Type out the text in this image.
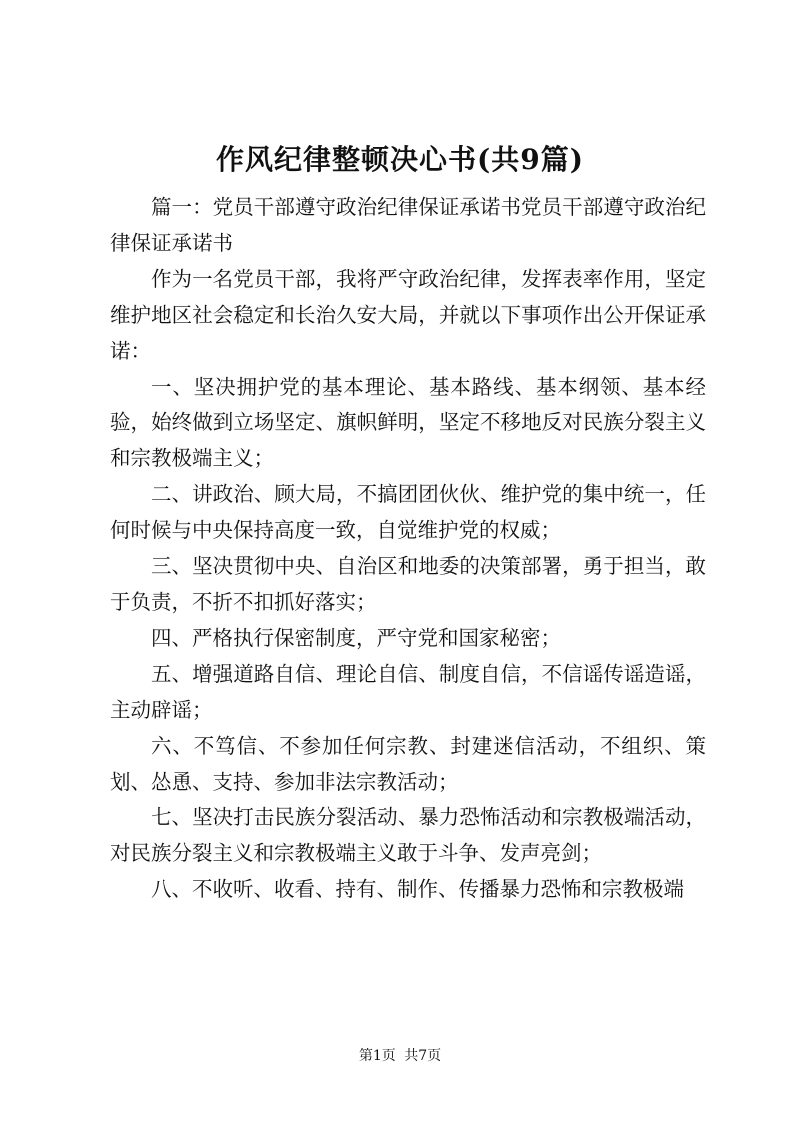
作风纪律整顿决心书(共9篇)

篇一：党员干部遵守政治纪律保证承诺书党员干部遵守政治纪律保证承诺书

作为一名党员干部，我将严守政治纪律，发挥表率作用，坚定维护地区社会稳定和长治久安大局，并就以下事项作出公开保证承诺：

一、坚决拥护党的基本理论、基本路线、基本纲领、基本经验，始终做到立场坚定、旗帜鲜明，坚定不移地反对民族分裂主义和宗教极端主义；

二、讲政治、顾大局，不搞团团伙伙、维护党的集中统一，任何时候与中央保持高度一致，自觉维护党的权威；

三、坚决贯彻中央、自治区和地委的决策部署，勇于担当，敢于负责，不折不扣抓好落实；

四、严格执行保密制度，严守党和国家秘密；

五、增强道路自信、理论自信、制度自信，不信谣传谣造谣，主动辟谣；

六、不笃信、不参加任何宗教、封建迷信活动，不组织、策划、怂恿、支持、参加非法宗教活动；

七、坚决打击民族分裂活动、暴力恐怖活动和宗教极端活动，对民族分裂主义和宗教极端主义敢于斗争、发声亮剑；

八、不收听、收看、持有、制作、传播暴力恐怖和宗教极端

第1页 共7页
